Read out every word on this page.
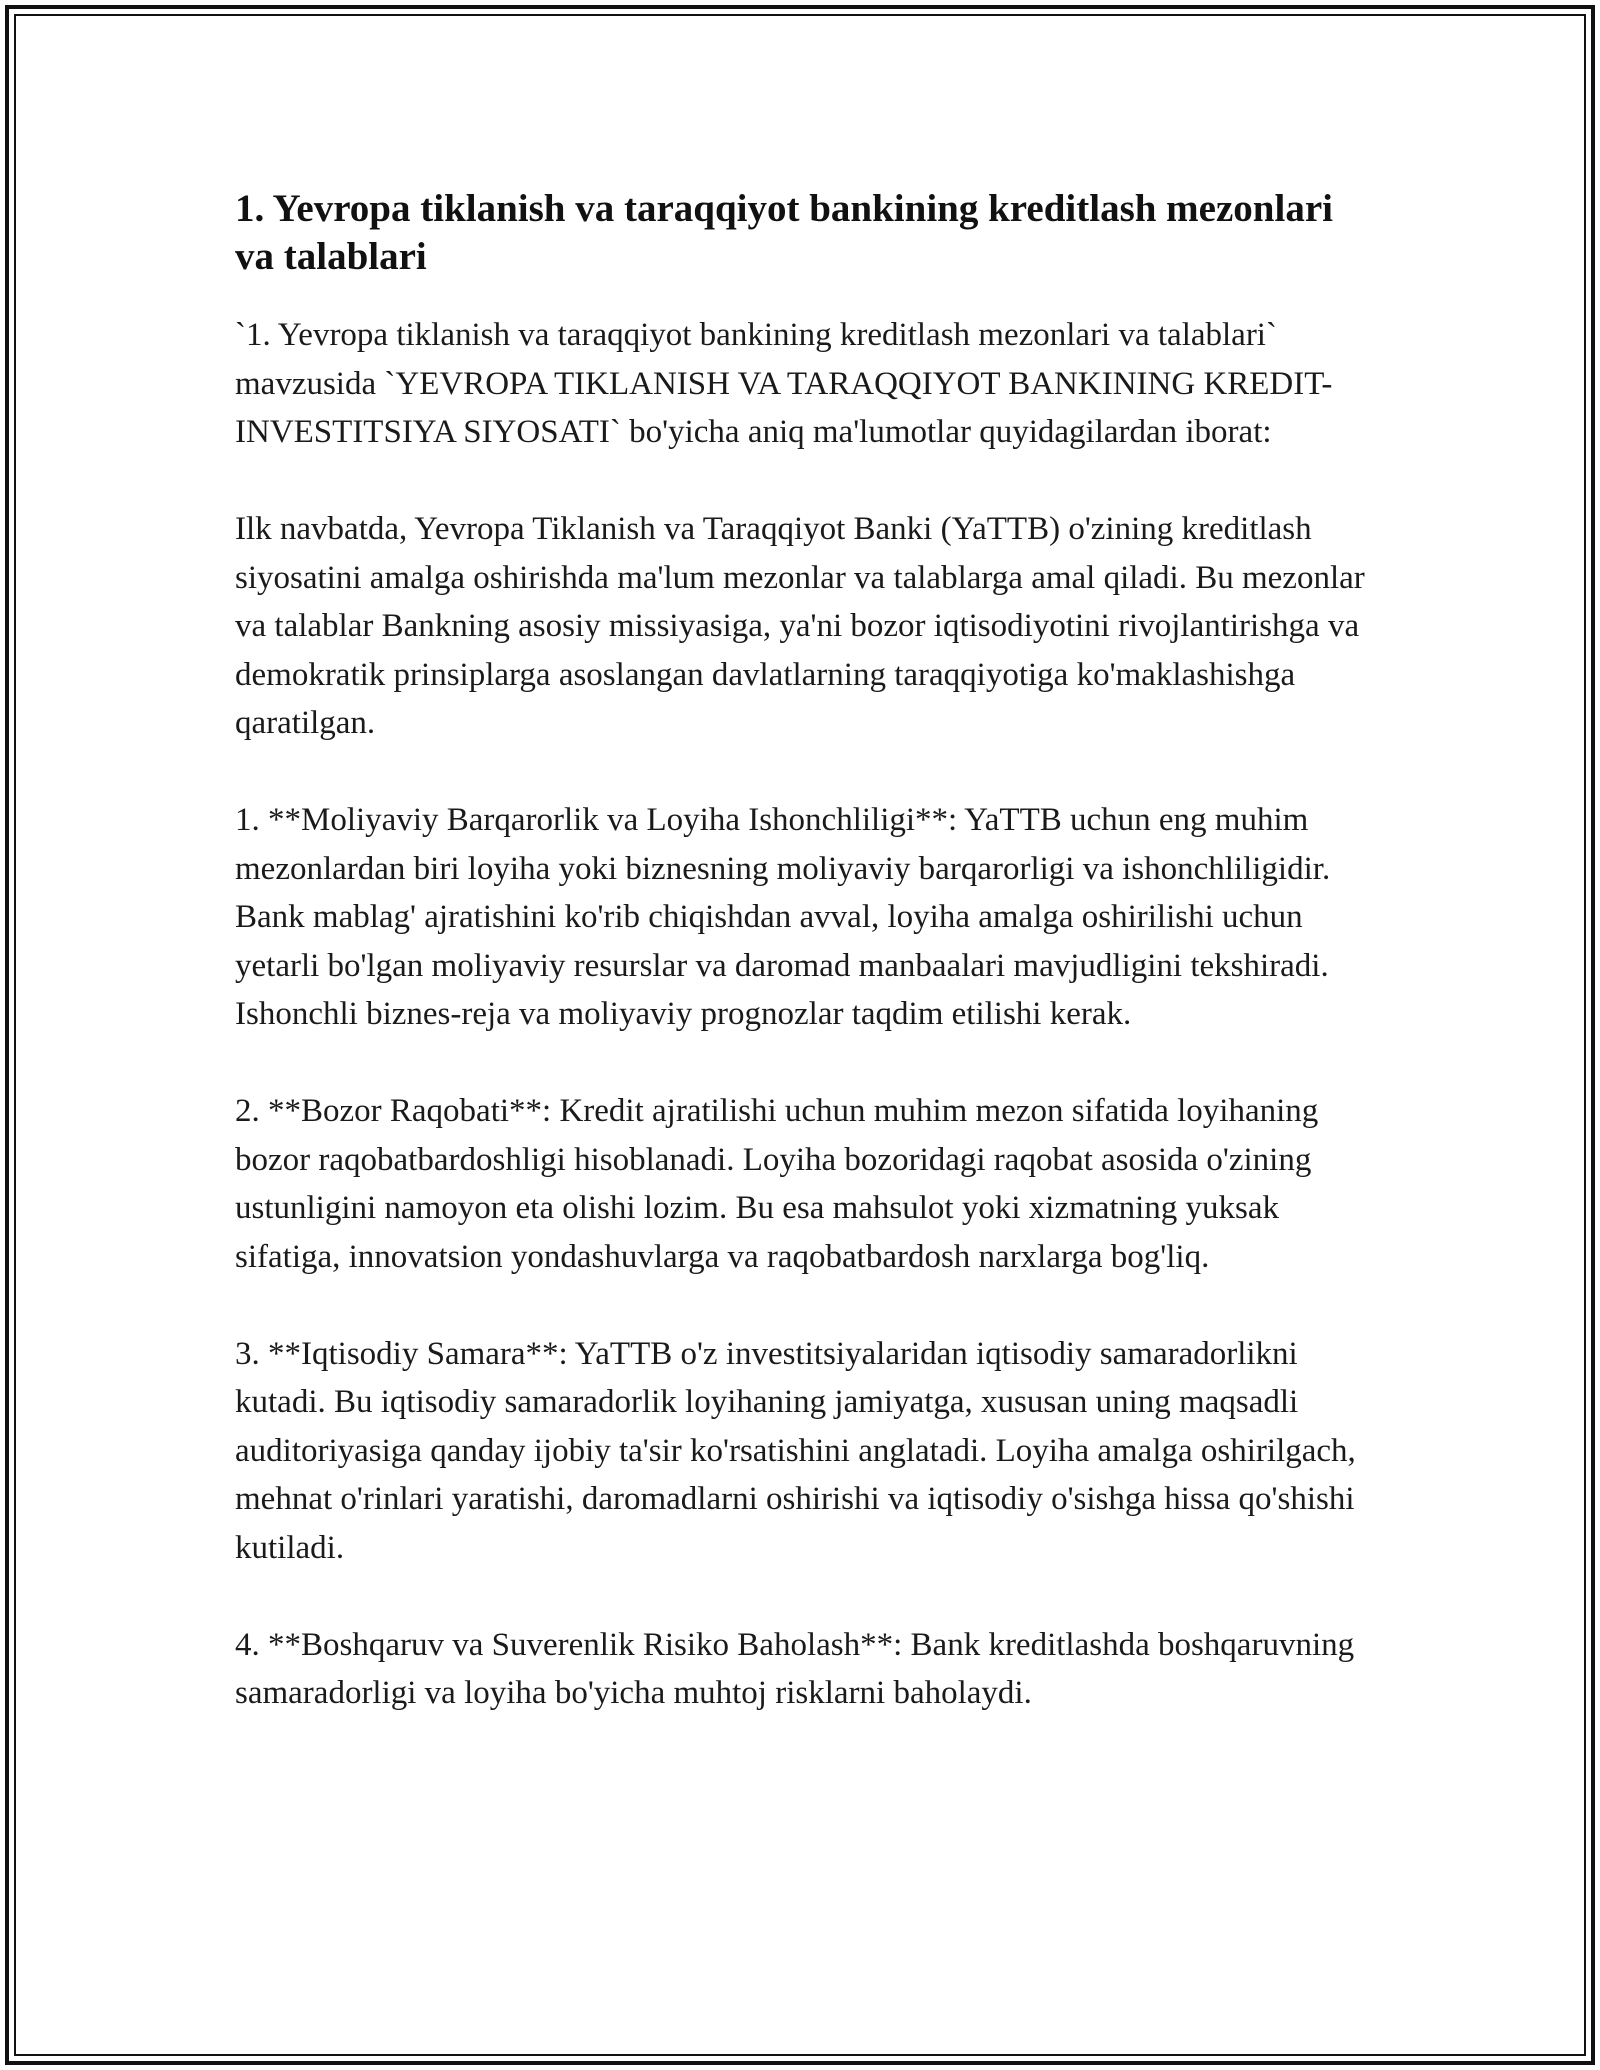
1. Yevropa tiklanish va taraqqiyot bankining kreditlash mezonlari va talablari

`1. Yevropa tiklanish va taraqqiyot bankining kreditlash mezonlari va talablari` mavzusida `YEVROPA TIKLANISH VA TARAQQIYOT BANKINING KREDIT-INVESTITSIYA SIYOSATI` bo'yicha aniq ma'lumotlar quyidagilardan iborat:

Ilk navbatda, Yevropa Tiklanish va Taraqqiyot Banki (YaTTB) o'zining kreditlash siyosatini amalga oshirishda ma'lum mezonlar va talablarga amal qiladi. Bu mezonlar va talablar Bankning asosiy missiyasiga, ya'ni bozor iqtisodiyotini rivojlantirishga va demokratik prinsiplarga asoslangan davlatlarning taraqqiyotiga ko'maklashishga qaratilgan.

1. **Moliyaviy Barqarorlik va Loyiha Ishonchliligi**: YaTTB uchun eng muhim mezonlardan biri loyiha yoki biznesning moliyaviy barqarorligi va ishonchliligidir. Bank mablag' ajratishini ko'rib chiqishdan avval, loyiha amalga oshirilishi uchun yetarli bo'lgan moliyaviy resurslar va daromad manbaalari mavjudligini tekshiradi. Ishonchli biznes-reja va moliyaviy prognozlar taqdim etilishi kerak.

2. **Bozor Raqobati**: Kredit ajratilishi uchun muhim mezon sifatida loyihaning bozor raqobatbardoshligi hisoblanadi. Loyiha bozoridagi raqobat asosida o'zining ustunligini namoyon eta olishi lozim. Bu esa mahsulot yoki xizmatning yuksak sifatiga, innovatsion yondashuvlarga va raqobatbardosh narxlarga bog'liq.

3. **Iqtisodiy Samara**: YaTTB o'z investitsiyalaridan iqtisodiy samaradorlikni kutadi. Bu iqtisodiy samaradorlik loyihaning jamiyatga, xususan uning maqsadli auditoriyasiga qanday ijobiy ta'sir ko'rsatishini anglatadi. Loyiha amalga oshirilgach, mehnat o'rinlari yaratishi, daromadlarni oshirishi va iqtisodiy o'sishga hissa qo'shishi kutiladi.

4. **Boshqaruv va Suverenlik Risiko Baholash**: Bank kreditlashda boshqaruvning samaradorligi va loyiha bo'yicha muhtoj risklarni baholaydi.
